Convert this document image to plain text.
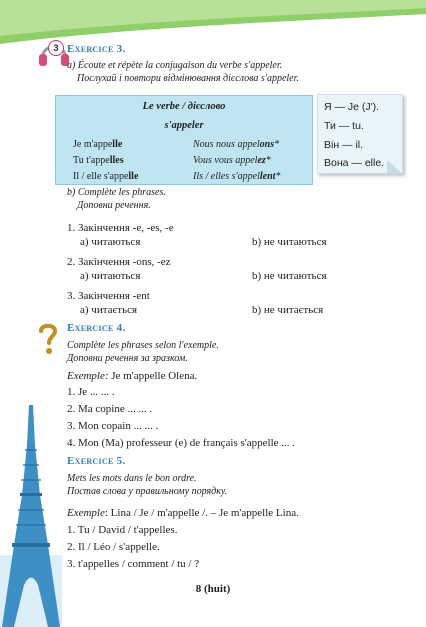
3 Exercice 3.
a) Écoute et répète la conjugaison du verbe s'appeler.
Послухай і повтори відмінювання дієслова s'appeler.
Le verbe / дієслово
s'appeler
Je m'appelle	Nous nous appelons*
Tu t'appelles	Vous vous appelez*
Il / elle s'appelle	Ils / elles s'appellent*
Я — Je (J').
Ти — tu.
Він — il.
Вона — elle.
b) Complète les phrases.
Доповни речення.
1. Закінчення -e, -es, -e
а) читаються	b) не читаються
2. Закінчення -ons, -ez
а) читаються	b) не читаються
3. Закінчення -ent
а) читається	b) не читається
Exercice 4.
Complète les phrases selon l'exemple.
Доповни речення за зразком.
Exemple: Je m'appelle Olena.
1. Je ... ... .
2. Ma copine ... ... .
3. Mon copain ... ... .
4. Mon (Ma) professeur (e) de français s'appelle ... .
Exercice 5.
Mets les mots dans le bon ordre.
Постав слова у правильному порядку.
Exemple: Lina / Je / m'appelle /. – Je m'appelle Lina.
1. Tu / David / t'appelles.
2. Il / Léo / s'appelle.
3. t'appelles / comment / tu / ?
8 (huit)
